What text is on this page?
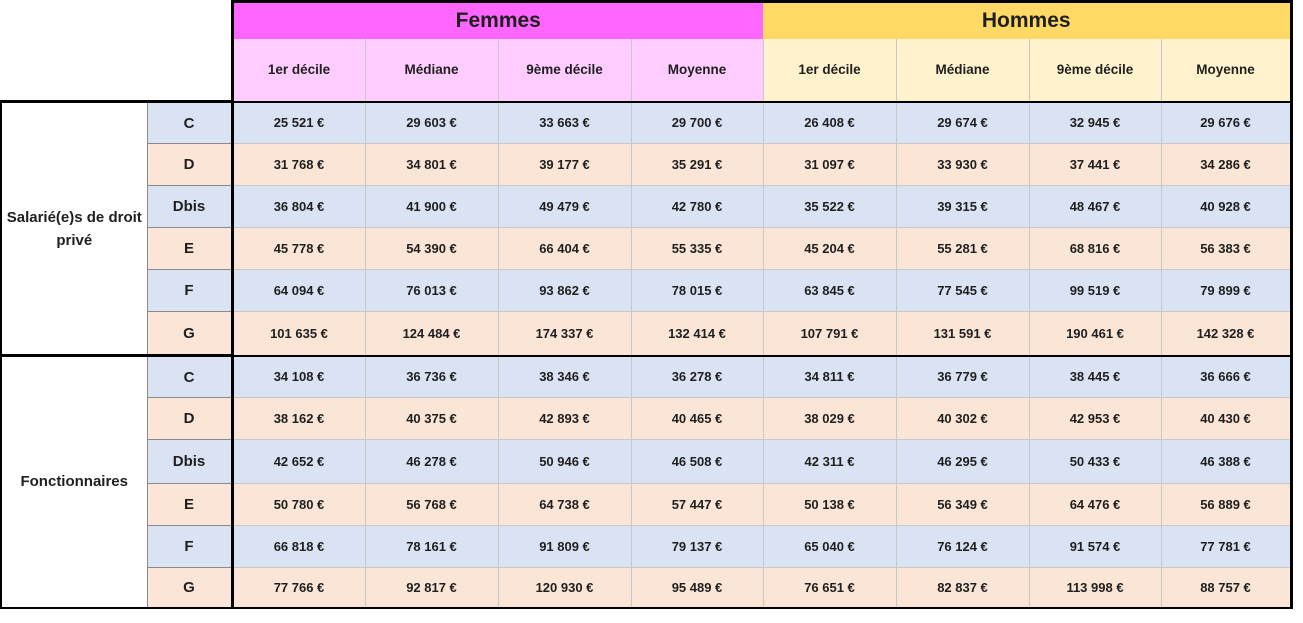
		Femmes				Hommes			
		1er décile	Médiane	9ème décile	Moyenne	1er décile	Médiane	9ème décile	Moyenne
Salarié(e)s de droit privé	C	25 521 €	29 603 €	33 663 €	29 700 €	26 408 €	29 674 €	32 945 €	29 676 €
	D	31 768 €	34 801 €	39 177 €	35 291 €	31 097 €	33 930 €	37 441 €	34 286 €
	Dbis	36 804 €	41 900 €	49 479 €	42 780 €	35 522 €	39 315 €	48 467 €	40 928 €
	E	45 778 €	54 390 €	66 404 €	55 335 €	45 204 €	55 281 €	68 816 €	56 383 €
	F	64 094 €	76 013 €	93 862 €	78 015 €	63 845 €	77 545 €	99 519 €	79 899 €
	G	101 635 €	124 484 €	174 337 €	132 414 €	107 791 €	131 591 €	190 461 €	142 328 €
Fonctionnaires	C	34 108 €	36 736 €	38 346 €	36 278 €	34 811 €	36 779 €	38 445 €	36 666 €
	D	38 162 €	40 375 €	42 893 €	40 465 €	38 029 €	40 302 €	42 953 €	40 430 €
	Dbis	42 652 €	46 278 €	50 946 €	46 508 €	42 311 €	46 295 €	50 433 €	46 388 €
	E	50 780 €	56 768 €	64 738 €	57 447 €	50 138 €	56 349 €	64 476 €	56 889 €
	F	66 818 €	78 161 €	91 809 €	79 137 €	65 040 €	76 124 €	91 574 €	77 781 €
	G	77 766 €	92 817 €	120 930 €	95 489 €	76 651 €	82 837 €	113 998 €	88 757 €
